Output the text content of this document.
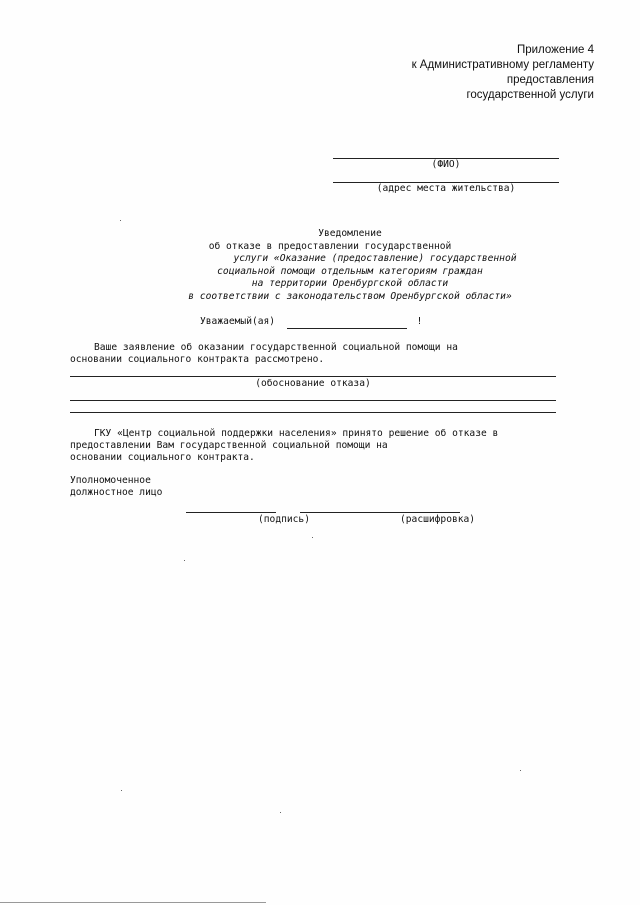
Приложение 4
к Административному регламенту
предоставления
государственной услуги
(ФИО)
(адрес места жительства)
Уведомление
об отказе в предоставлении государственной
услуги «Оказание (предоставление) государственной
социальной помощи отдельным категориям граждан
на территории Оренбургской области
в соответствии с законодательством Оренбургской области»
Уважаемый(ая)	!
Ваше заявление об оказании государственной социальной помощи на
основании социального контракта рассмотрено.
(обоснование отказа)
ГКУ «Центр социальной поддержки населения» принято решение об отказе в
предоставлении Вам государственной социальной помощи на
основании социального контракта.
Уполномоченное
должностное лицо
(подпись)	(расшифровка)
